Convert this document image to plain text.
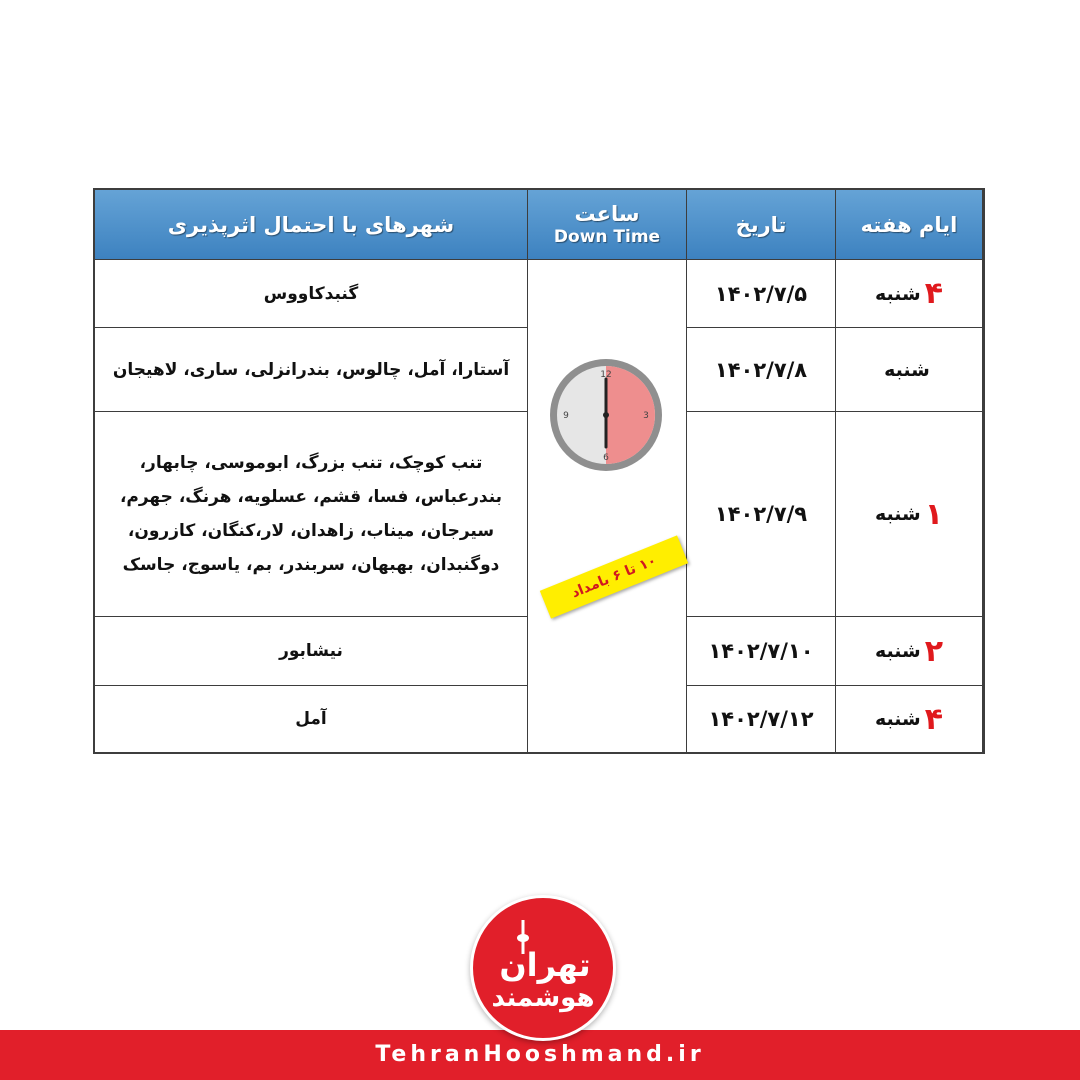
ایام هفته
تاریخ
ساعت
Down Time
شهرهای با احتمال اثرپذیری
۴
شنبه
۱۴۰۲/۷/۵
گنبدکاووس
شنبه
۱۴۰۲/۷/۸
آستارا، آمل، چالوس، بندرانزلی، ساری، لاهیجان
۱
شنبه
۱۴۰۲/۷/۹
تنب کوچک، تنب بزرگ، ابوموسی، چابهار، بندرعباس، فسا، قشم، عسلویه، هرنگ، جهرم، سیرجان، میناب، زاهدان، لار،کنگان، کازرون، دوگنبدان، بهبهان، سربندر، بم، یاسوج، جاسک
۲
شنبه
۱۴۰۲/۷/۱۰
نیشابور
۴
شنبه
۱۴۰۲/۷/۱۲
آمل
12
3
6
9
۱۰ تا ۶ بامداد
تهران
هوشمند
TehranHooshmand.ir
